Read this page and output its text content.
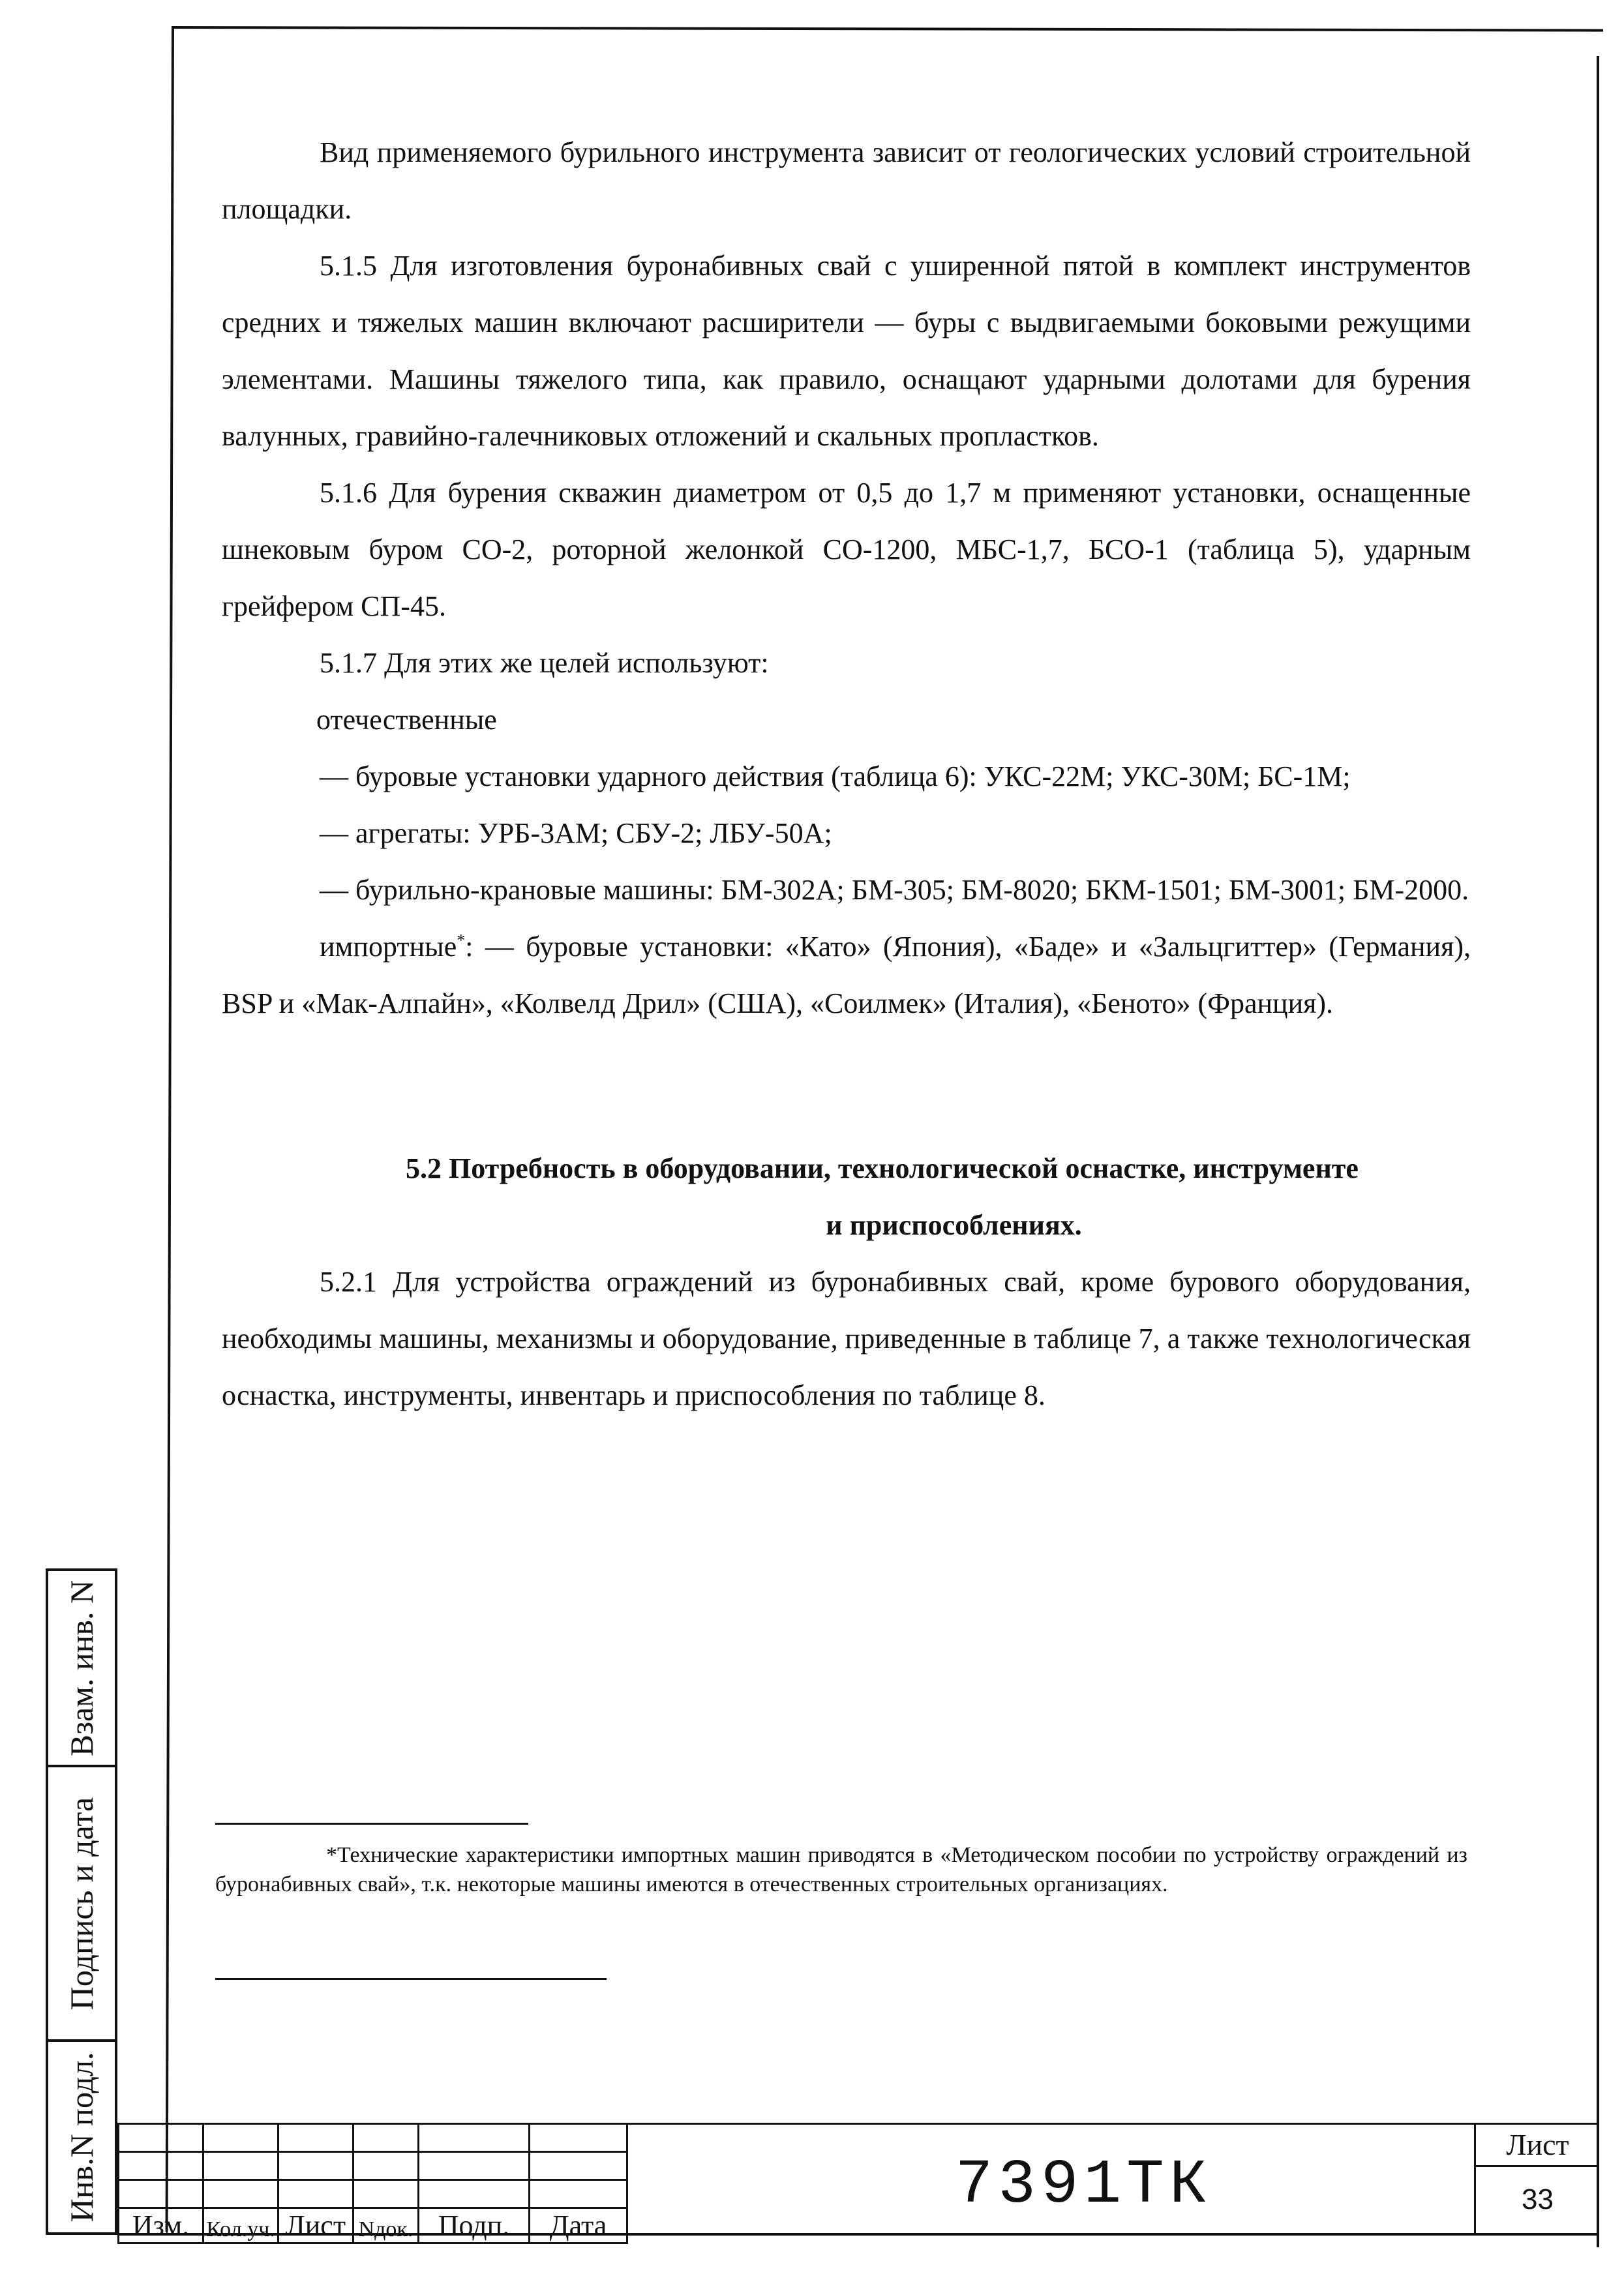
Вид применяемого бурильного инструмента зависит от геологических условий строительной площадки.

5.1.5 Для изготовления буронабивных свай с уширенной пятой в комплект инструментов средних и тяжелых машин включают расширители — буры с выдвигаемыми боковыми режущими элементами. Машины тяжелого типа, как правило, оснащают ударными долотами для бурения валунных, гравийно-галечниковых отложений и скальных пропластков.

5.1.6 Для бурения скважин диаметром от 0,5 до 1,7 м применяют установки, оснащенные шнековым буром СО-2, роторной желонкой СО-1200, МБС-1,7, БСО-1 (таблица 5), ударным грейфером СП-45.

5.1.7 Для этих же целей используют:

отечественные

— буровые установки ударного действия (таблица 6): УКС-22М; УКС-30М; БС-1М;

— агрегаты: УРБ-3АМ; СБУ-2; ЛБУ-50А;

— бурильно-крановые машины: БМ-302А; БМ-305; БМ-8020; БКМ-1501; БМ-3001; БМ-2000.

импортные*: — буровые установки: «Като» (Япония), «Баде» и «Зальцгиттер» (Германия), BSP и «Мак-Алпайн», «Колвелд Дрил» (США), «Соилмек» (Италия), «Беното» (Франция).

5.2 Потребность в оборудовании, технологической оснастке, инструменте
и приспособлениях.

5.2.1 Для устройства ограждений из буронабивных свай, кроме бурового оборудования, необходимы машины, механизмы и оборудование, приведенные в таблице 7, а также технологическая оснастка, инструменты, инвентарь и приспособления по таблице 8.

*Технические характеристики импортных машин приводятся в «Методическом пособии по устройству ограждений из буронабивных свай», т.к. некоторые машины имеются в отечественных строительных организациях.

Взам. инв. N
Подпись и дата
Инв.N подл.

Изм.	Кол.уч.	Лист	Nдок.	Подп.	Дата
7391ТК
Лист
33
